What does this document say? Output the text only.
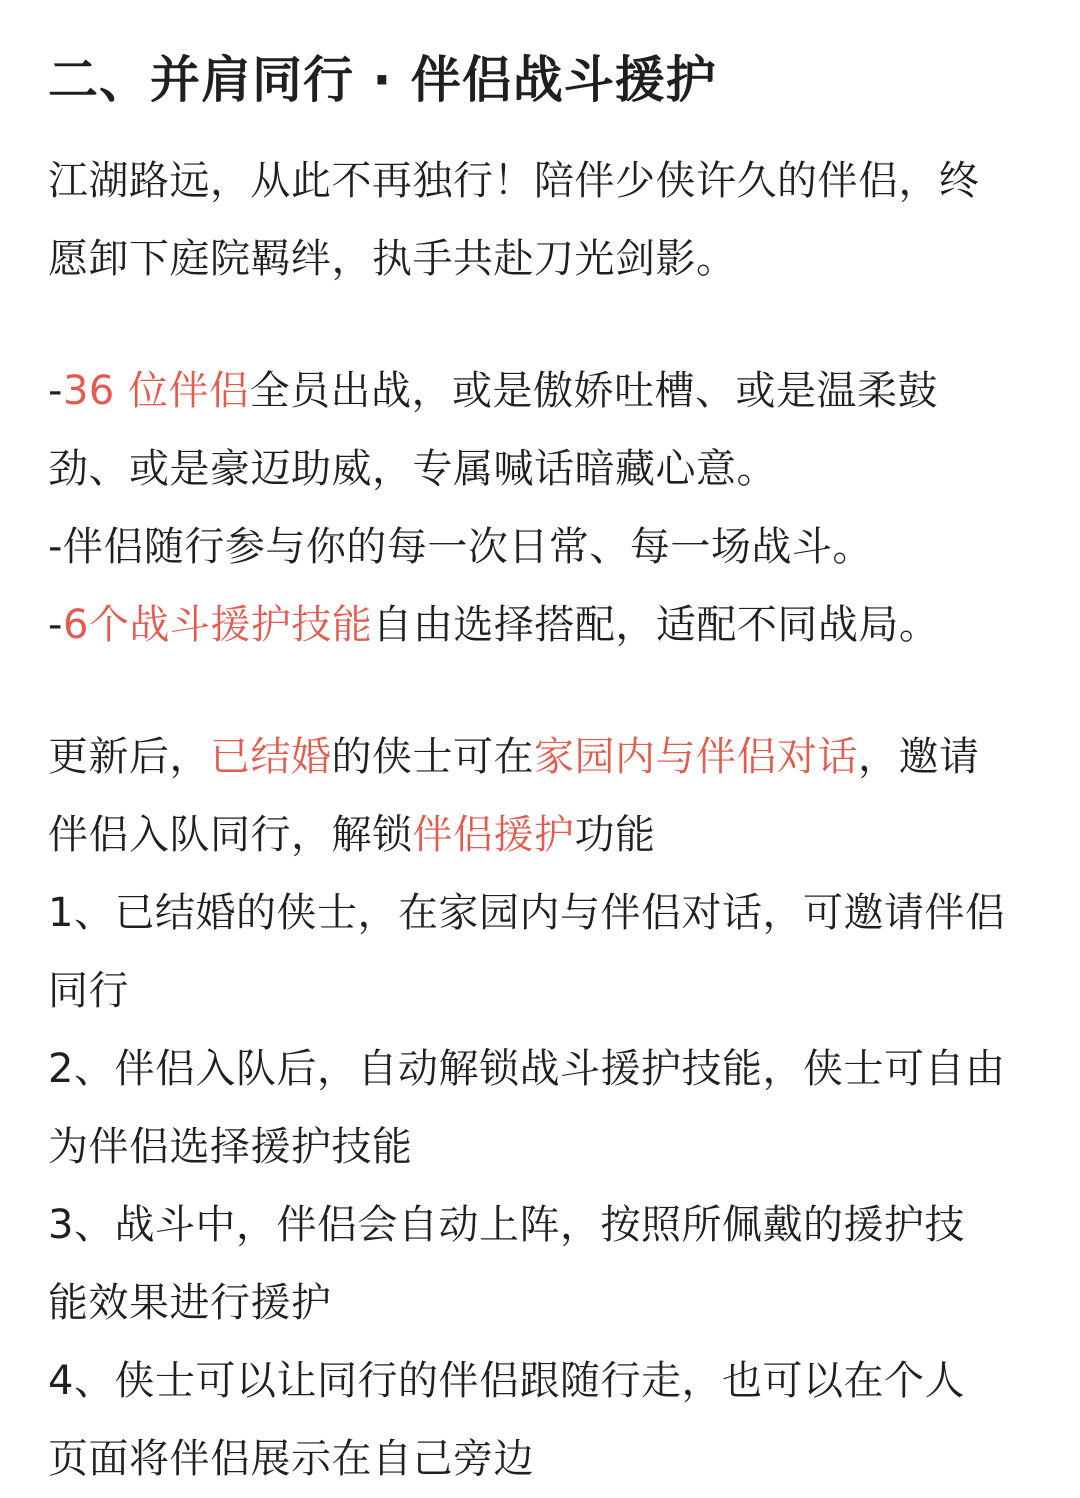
二、并肩同行 · 伴侣战斗援护

江湖路远，从此不再独行！陪伴少侠许久的伴侣，终

愿卸下庭院羁绊，执手共赴刀光剑影。

-36 位伴侣全员出战，或是傲娇吐槽、或是温柔鼓

劲、或是豪迈助威，专属喊话暗藏心意。

-伴侣随行参与你的每一次日常、每一场战斗。

-6个战斗援护技能自由选择搭配，适配不同战局。

更新后，已结婚的侠士可在家园内与伴侣对话，邀请

伴侣入队同行，解锁伴侣援护功能

1、已结婚的侠士，在家园内与伴侣对话，可邀请伴侣

同行

2、伴侣入队后，自动解锁战斗援护技能，侠士可自由

为伴侣选择援护技能

3、战斗中，伴侣会自动上阵，按照所佩戴的援护技

能效果进行援护

4、侠士可以让同行的伴侣跟随行走，也可以在个人

页面将伴侣展示在自己旁边
